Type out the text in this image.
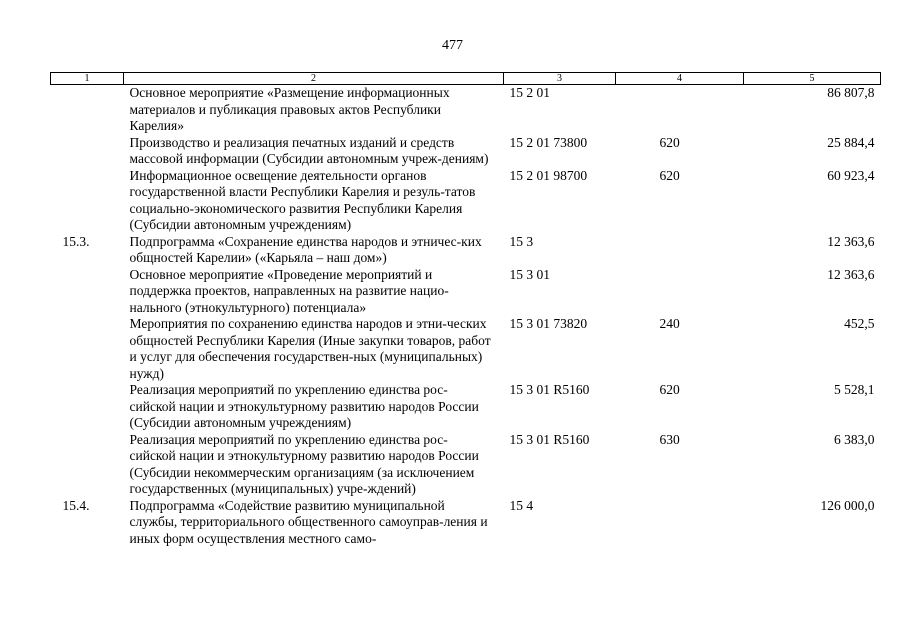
477
1	2	3	4	5
	Основное мероприятие «Размещение информационных материалов и публикация правовых актов Республики Карелия»	15 2 01		86 807,8
	Производство и реализация печатных изданий и средств массовой информации (Субсидии автономным учреж-дениям)	15 2 01 73800	620	25 884,4
	Информационное освещение деятельности органов государственной власти Республики Карелия и резуль-татов социально-экономического развития Республики Карелия (Субсидии автономным учреждениям)	15 2 01 98700	620	60 923,4
15.3.	Подпрограмма «Сохранение единства народов и этничес-ких общностей Карелии» («Карьяла – наш дом»)	15 3		12 363,6
	Основное мероприятие «Проведение мероприятий и поддержка проектов, направленных на развитие нацио-нального (этнокультурного) потенциала»	15 3 01		12 363,6
	Мероприятия по сохранению единства народов и этни-ческих общностей Республики Карелия (Иные закупки товаров, работ и услуг для обеспечения государствен-ных (муниципальных) нужд)	15 3 01 73820	240	452,5
	Реализация мероприятий по укреплению единства рос-сийской нации и этнокультурному развитию народов России (Субсидии автономным учреждениям)	15 3 01 R5160	620	5 528,1
	Реализация мероприятий по укреплению единства рос-сийской нации и этнокультурному развитию народов России (Субсидии некоммерческим организациям (за исключением государственных (муниципальных) учре-ждений)	15 3 01 R5160	630	6 383,0
15.4.	Подпрограмма «Содействие развитию муниципальной службы, территориального общественного самоуправ-ления и иных форм осуществления местного само-	15 4		126 000,0
